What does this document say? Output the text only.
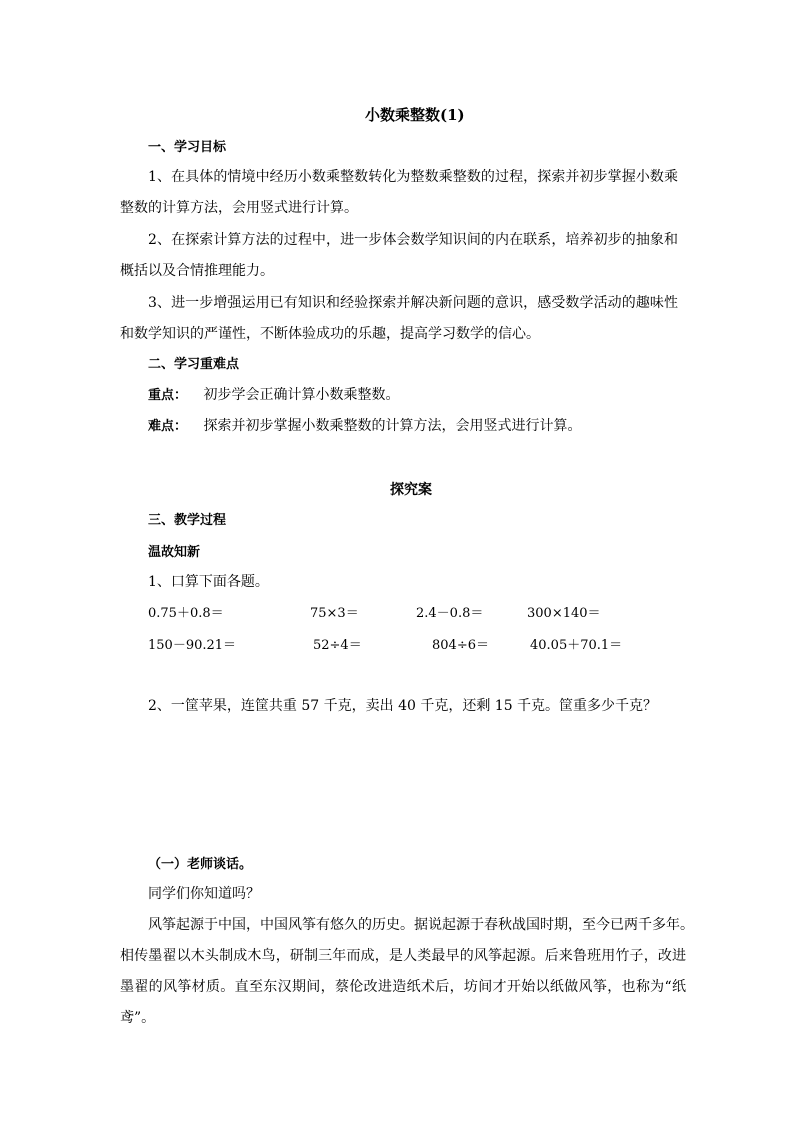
小数乘整数(1)
一、学习目标
1、在具体的情境中经历小数乘整数转化为整数乘整数的过程，探索并初步掌握小数乘
整数的计算方法，会用竖式进行计算。
2、在探索计算方法的过程中，进一步体会数学知识间的内在联系，培养初步的抽象和
概括以及合情推理能力。
3、进一步增强运用已有知识和经验探索并解决新问题的意识，感受数学活动的趣味性
和数学知识的严谨性，不断体验成功的乐趣，提高学习数学的信心。
二、学习重难点
重点： 初步学会正确计算小数乘整数。
难点： 探索并初步掌握小数乘整数的计算方法，会用竖式进行计算。
探究案
三、教学过程
温故知新
1、口算下面各题。
0.75＋0.8＝	75×3＝	2.4－0.8＝	300×140＝
150－90.21＝	52÷4＝	804÷6＝	40.05＋70.1＝
2、一筐苹果，连筐共重 57 千克，卖出 40 千克，还剩 15 千克。筐重多少千克？
（一）老师谈话。
同学们你知道吗？
风筝起源于中国，中国风筝有悠久的历史。据说起源于春秋战国时期，至今已两千多年。
相传墨翟以木头制成木鸟，研制三年而成，是人类最早的风筝起源。后来鲁班用竹子，改进
墨翟的风筝材质。直至东汉期间，蔡伦改进造纸术后，坊间才开始以纸做风筝，也称为“纸
鸢”。
